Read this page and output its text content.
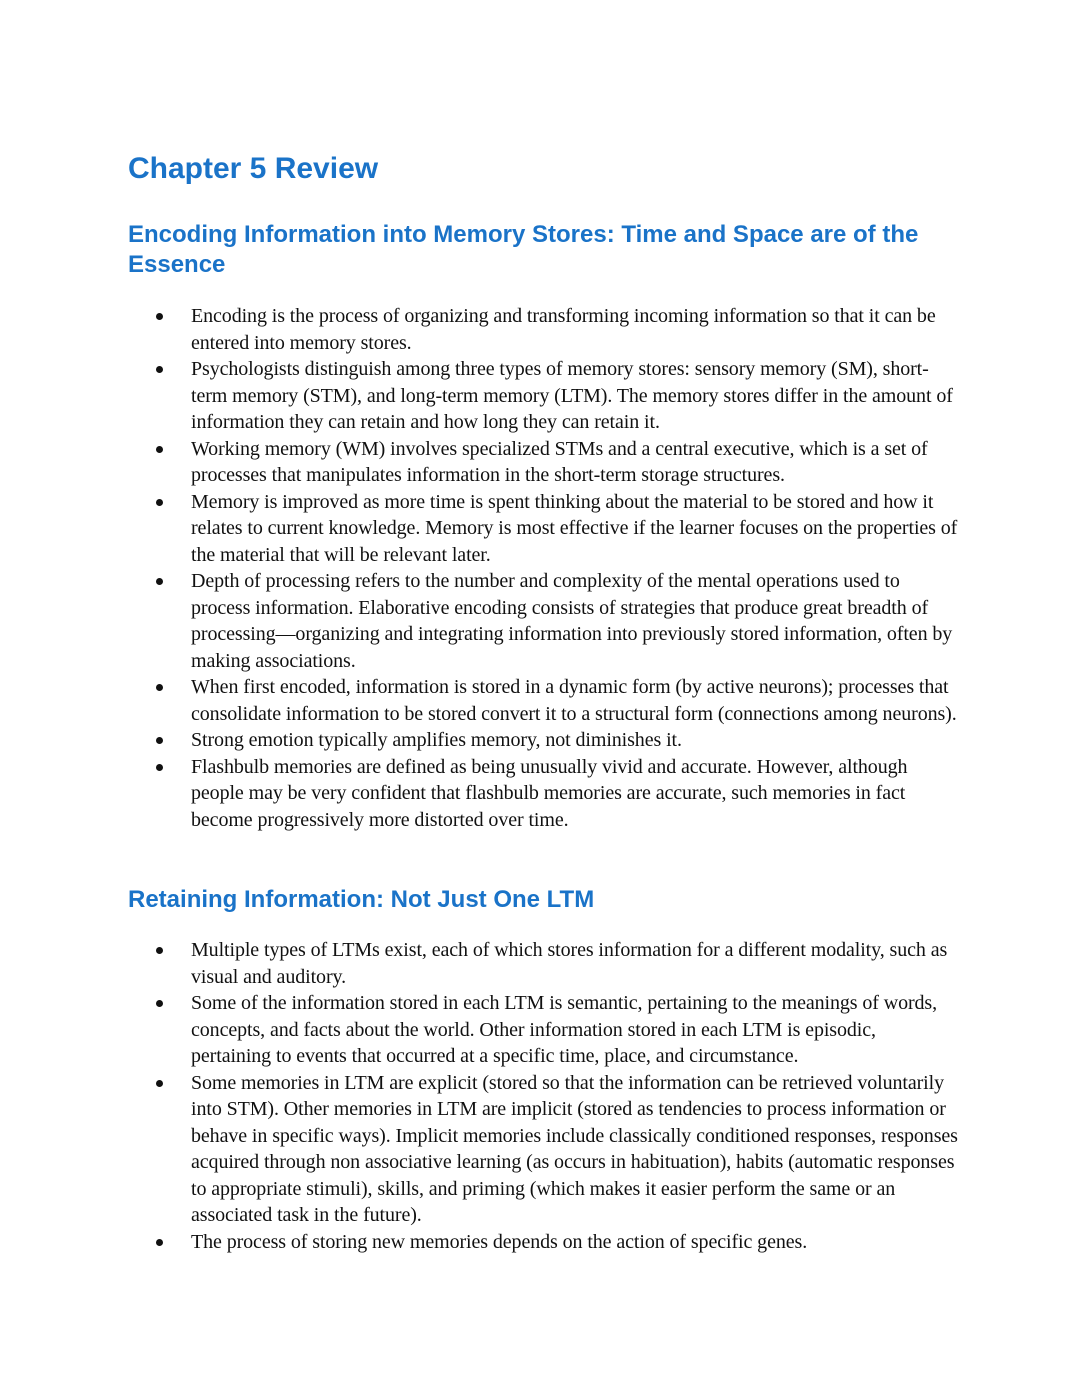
Chapter 5 Review
Encoding Information into Memory Stores: Time and Space are of the Essence
Encoding is the process of organizing and transforming incoming information so that it can be entered into memory stores.
Psychologists distinguish among three types of memory stores: sensory memory (SM), short-term memory (STM), and long-term memory (LTM). The memory stores differ in the amount of information they can retain and how long they can retain it.
Working memory (WM) involves specialized STMs and a central executive, which is a set of processes that manipulates information in the short-term storage structures.
Memory is improved as more time is spent thinking about the material to be stored and how it relates to current knowledge. Memory is most effective if the learner focuses on the properties of the material that will be relevant later.
Depth of processing refers to the number and complexity of the mental operations used to process information. Elaborative encoding consists of strategies that produce great breadth of processing—organizing and integrating information into previously stored information, often by making associations.
When first encoded, information is stored in a dynamic form (by active neurons); processes that consolidate information to be stored convert it to a structural form (connections among neurons).
Strong emotion typically amplifies memory, not diminishes it.
Flashbulb memories are defined as being unusually vivid and accurate. However, although people may be very confident that flashbulb memories are accurate, such memories in fact become progressively more distorted over time.
Retaining Information: Not Just One LTM
Multiple types of LTMs exist, each of which stores information for a different modality, such as visual and auditory.
Some of the information stored in each LTM is semantic, pertaining to the meanings of words, concepts, and facts about the world. Other information stored in each LTM is episodic, pertaining to events that occurred at a specific time, place, and circumstance.
Some memories in LTM are explicit (stored so that the information can be retrieved voluntarily into STM). Other memories in LTM are implicit (stored as tendencies to process information or behave in specific ways). Implicit memories include classically conditioned responses, responses acquired through non associative learning (as occurs in habituation), habits (automatic responses to appropriate stimuli), skills, and priming (which makes it easier perform the same or an associated task in the future).
The process of storing new memories depends on the action of specific genes.
